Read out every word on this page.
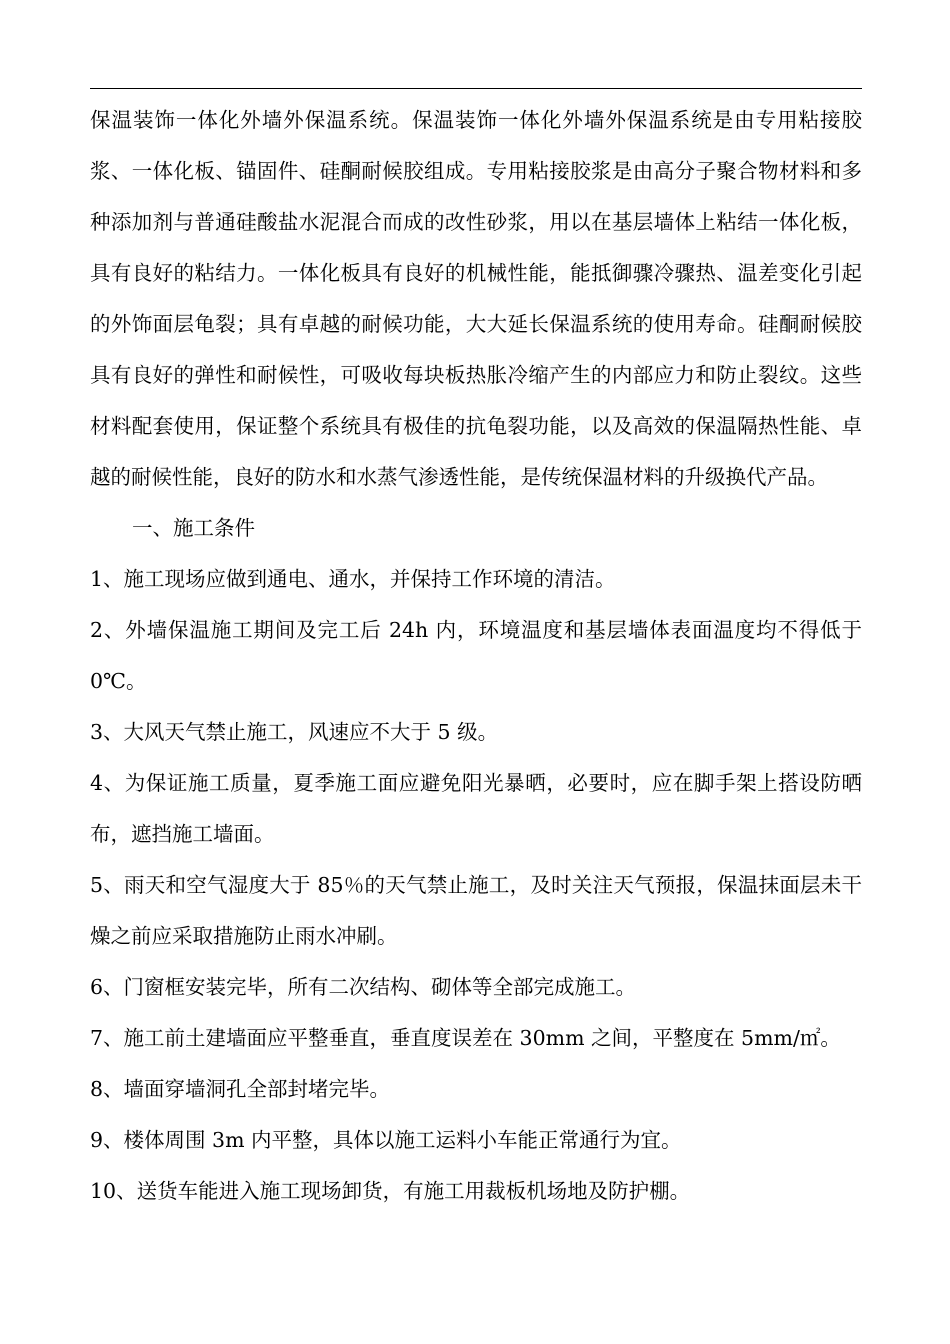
保温装饰一体化外墙外保温系统。保温装饰一体化外墙外保温系统是由专用粘接胶浆、一体化板、锚固件、硅酮耐候胶组成。专用粘接胶浆是由高分子聚合物材料和多种添加剂与普通硅酸盐水泥混合而成的改性砂浆，用以在基层墙体上粘结一体化板，具有良好的粘结力。一体化板具有良好的机械性能，能抵御骤冷骤热、温差变化引起的外饰面层龟裂；具有卓越的耐候功能，大大延长保温系统的使用寿命。硅酮耐候胶具有良好的弹性和耐候性，可吸收每块板热胀冷缩产生的内部应力和防止裂纹。这些材料配套使用，保证整个系统具有极佳的抗龟裂功能，以及高效的保温隔热性能、卓越的耐候性能，良好的防水和水蒸气渗透性能，是传统保温材料的升级换代产品。

一、施工条件

1、施工现场应做到通电、通水，并保持工作环境的清洁。

2、外墙保温施工期间及完工后 24h 内，环境温度和基层墙体表面温度均不得低于 0℃。

3、大风天气禁止施工，风速应不大于 5 级。

4、为保证施工质量，夏季施工面应避免阳光暴晒，必要时，应在脚手架上搭设防晒布，遮挡施工墙面。

5、雨天和空气湿度大于 85％的天气禁止施工，及时关注天气预报，保温抹面层未干燥之前应采取措施防止雨水冲刷。

6、门窗框安装完毕，所有二次结构、砌体等全部完成施工。

7、施工前土建墙面应平整垂直，垂直度误差在 30mm 之间，平整度在 5mm/㎡。

8、墙面穿墙洞孔全部封堵完毕。

9、楼体周围 3m 内平整，具体以施工运料小车能正常通行为宜。

10、送货车能进入施工现场卸货，有施工用裁板机场地及防护棚。
